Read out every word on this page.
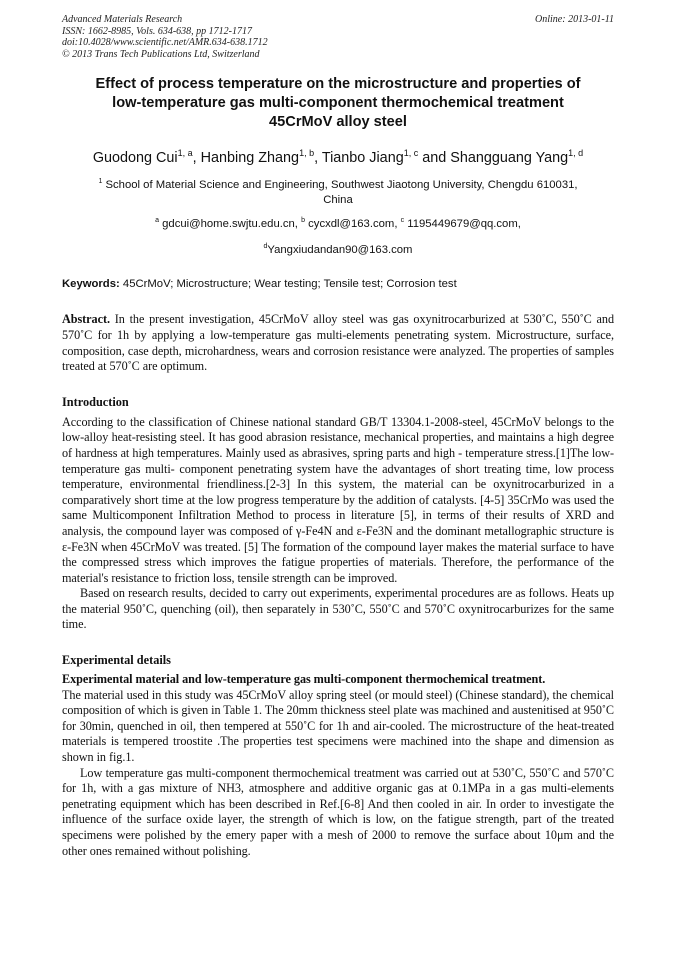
Advanced Materials Research	Online: 2013-01-11
ISSN: 1662-8985, Vols. 634-638, pp 1712-1717
doi:10.4028/www.scientific.net/AMR.634-638.1712
© 2013 Trans Tech Publications Ltd, Switzerland
Effect of process temperature on the microstructure and properties of
low-temperature gas multi-component thermochemical treatment
45CrMoV alloy steel
Guodong Cui$^{1, a}$, Hanbing Zhang$^{1, b}$, Tianbo Jiang$^{1, c}$ and Shangguang Yang$^{1, d}$
$^1$ School of Material Science and Engineering, Southwest Jiaotong University, Chengdu 610031,
China
$^a$ gdcui@home.swjtu.edu.cn, $^b$ cycxdl@163.com, $^c$ 1195449679@qq.com,
$^d$Yangxiudandan90@163.com
Keywords: 45CrMoV; Microstructure; Wear testing; Tensile test; Corrosion test

Abstract. In the present investigation, 45CrMoV alloy steel was gas oxynitrocarburized at 530˚C, 550˚C and 570˚C for 1h by applying a low-temperature gas multi-elements penetrating system. Microstructure, surface, composition, case depth, microhardness, wears and corrosion resistance were analyzed. The properties of samples treated at 570˚C are optimum.

Introduction

According to the classification of Chinese national standard GB/T 13304.1-2008-steel, 45CrMoV belongs to the low-alloy heat-resisting steel. It has good abrasion resistance, mechanical properties, and maintains a high degree of hardness at high temperatures. Mainly used as abrasives, spring parts and high - temperature stress.[1]The low-temperature gas multi- component penetrating system have the advantages of short treating time, low process temperature, environmental friendliness.[2-3] In this system, the material can be oxynitrocarburized in a comparatively short time at the low progress temperature by the addition of catalysts. [4-5] 35CrMo was used the same Multicomponent Infiltration Method to process in literature [5], in terms of their results of XRD and analysis, the compound layer was composed of γ-Fe4N and ε-Fe3N and the dominant metallographic structure is ε-Fe3N when 45CrMoV was treated. [5] The formation of the compound layer makes the material surface to have the compressed stress which improves the fatigue properties of materials. Therefore, the performance of the material's resistance to friction loss, tensile strength can be improved.

Based on research results, decided to carry out experiments, experimental procedures are as follows. Heats up the material 950˚C, quenching (oil), then separately in 530˚C, 550˚C and 570˚C oxynitrocarburizes for the same time.

Experimental details

Experimental material and low-temperature gas multi-component thermochemical treatment.

The material used in this study was 45CrMoV alloy spring steel (or mould steel) (Chinese standard), the chemical composition of which is given in Table 1. The 20mm thickness steel plate was machined and austenitised at 950˚C for 30min, quenched in oil, then tempered at 550˚C for 1h and air-cooled. The microstructure of the heat-treated materials is tempered troostite .The properties test specimens were machined into the shape and dimension as shown in fig.1.

Low temperature gas multi-component thermochemical treatment was carried out at 530˚C, 550˚C and 570˚C for 1h, with a gas mixture of NH3, atmosphere and additive organic gas at 0.1MPa in a gas multi-elements penetrating equipment which has been described in Ref.[6-8] And then cooled in air. In order to investigate the influence of the surface oxide layer, the strength of which is low, on the fatigue strength, part of the treated specimens were polished by the emery paper with a mesh of 2000 to remove the surface about 10μm and the other ones remained without polishing.
